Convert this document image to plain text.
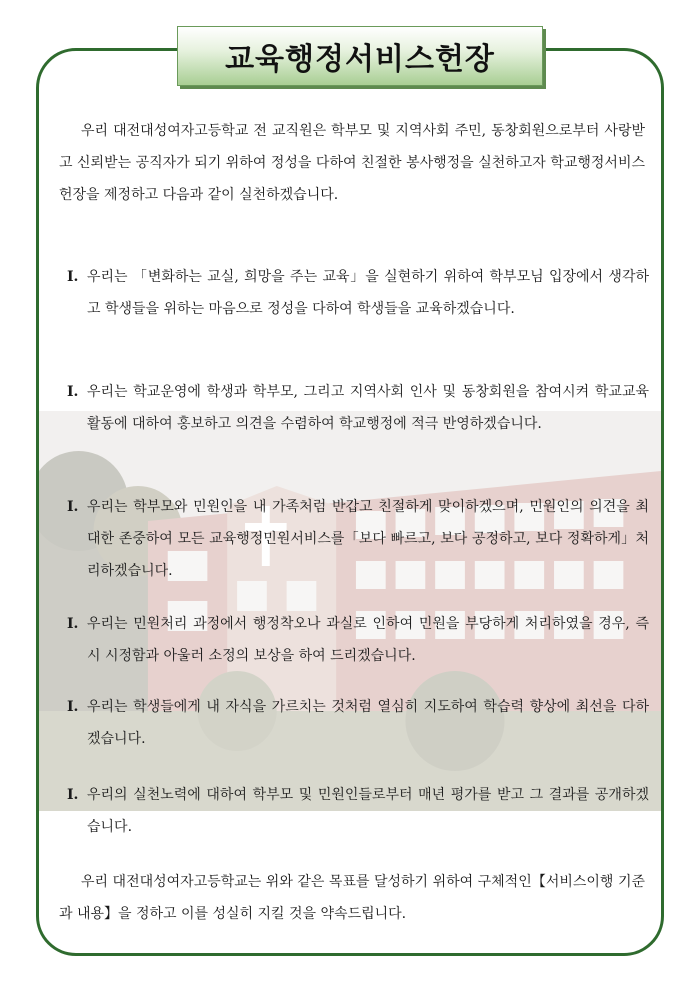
교육행정서비스헌장

우리 대전대성여자고등학교 전 교직원은 학부모 및 지역사회 주민, 동창회원으로부터 사랑받고 신뢰받는 공직자가 되기 위하여 정성을 다하여 친절한 봉사행정을 실천하고자 학교행정서비스헌장을 제정하고 다음과 같이 실천하겠습니다.

Ⅰ. 우리는 「변화하는 교실, 희망을 주는 교육」을 실현하기 위하여 학부모님 입장에서 생각하고 학생들을 위하는 마음으로 정성을 다하여 학생들을 교육하겠습니다.
Ⅰ. 우리는 학교운영에 학생과 학부모, 그리고 지역사회 인사 및 동창회원을 참여시켜 학교교육활동에 대하여 홍보하고 의견을 수렴하여 학교행정에 적극 반영하겠습니다.
Ⅰ. 우리는 학부모와 민원인을 내 가족처럼 반갑고 친절하게 맞이하겠으며, 민원인의 의견을 최대한 존중하여 모든 교육행정민원서비스를「보다 빠르고, 보다 공정하고, 보다 정확하게」처리하겠습니다.
Ⅰ. 우리는 민원처리 과정에서 행정착오나 과실로 인하여 민원을 부당하게 처리하였을 경우, 즉시 시정함과 아울러 소정의 보상을 하여 드리겠습니다.
Ⅰ. 우리는 학생들에게 내 자식을 가르치는 것처럼 열심히 지도하여 학습력 향상에 최선을 다하겠습니다.
Ⅰ. 우리의 실천노력에 대하여 학부모 및 민원인들로부터 매년 평가를 받고 그 결과를 공개하겠습니다.

우리 대전대성여자고등학교는 위와 같은 목표를 달성하기 위하여 구체적인【서비스이행 기준과 내용】을 정하고 이를 성실히 지킬 것을 약속드립니다.
